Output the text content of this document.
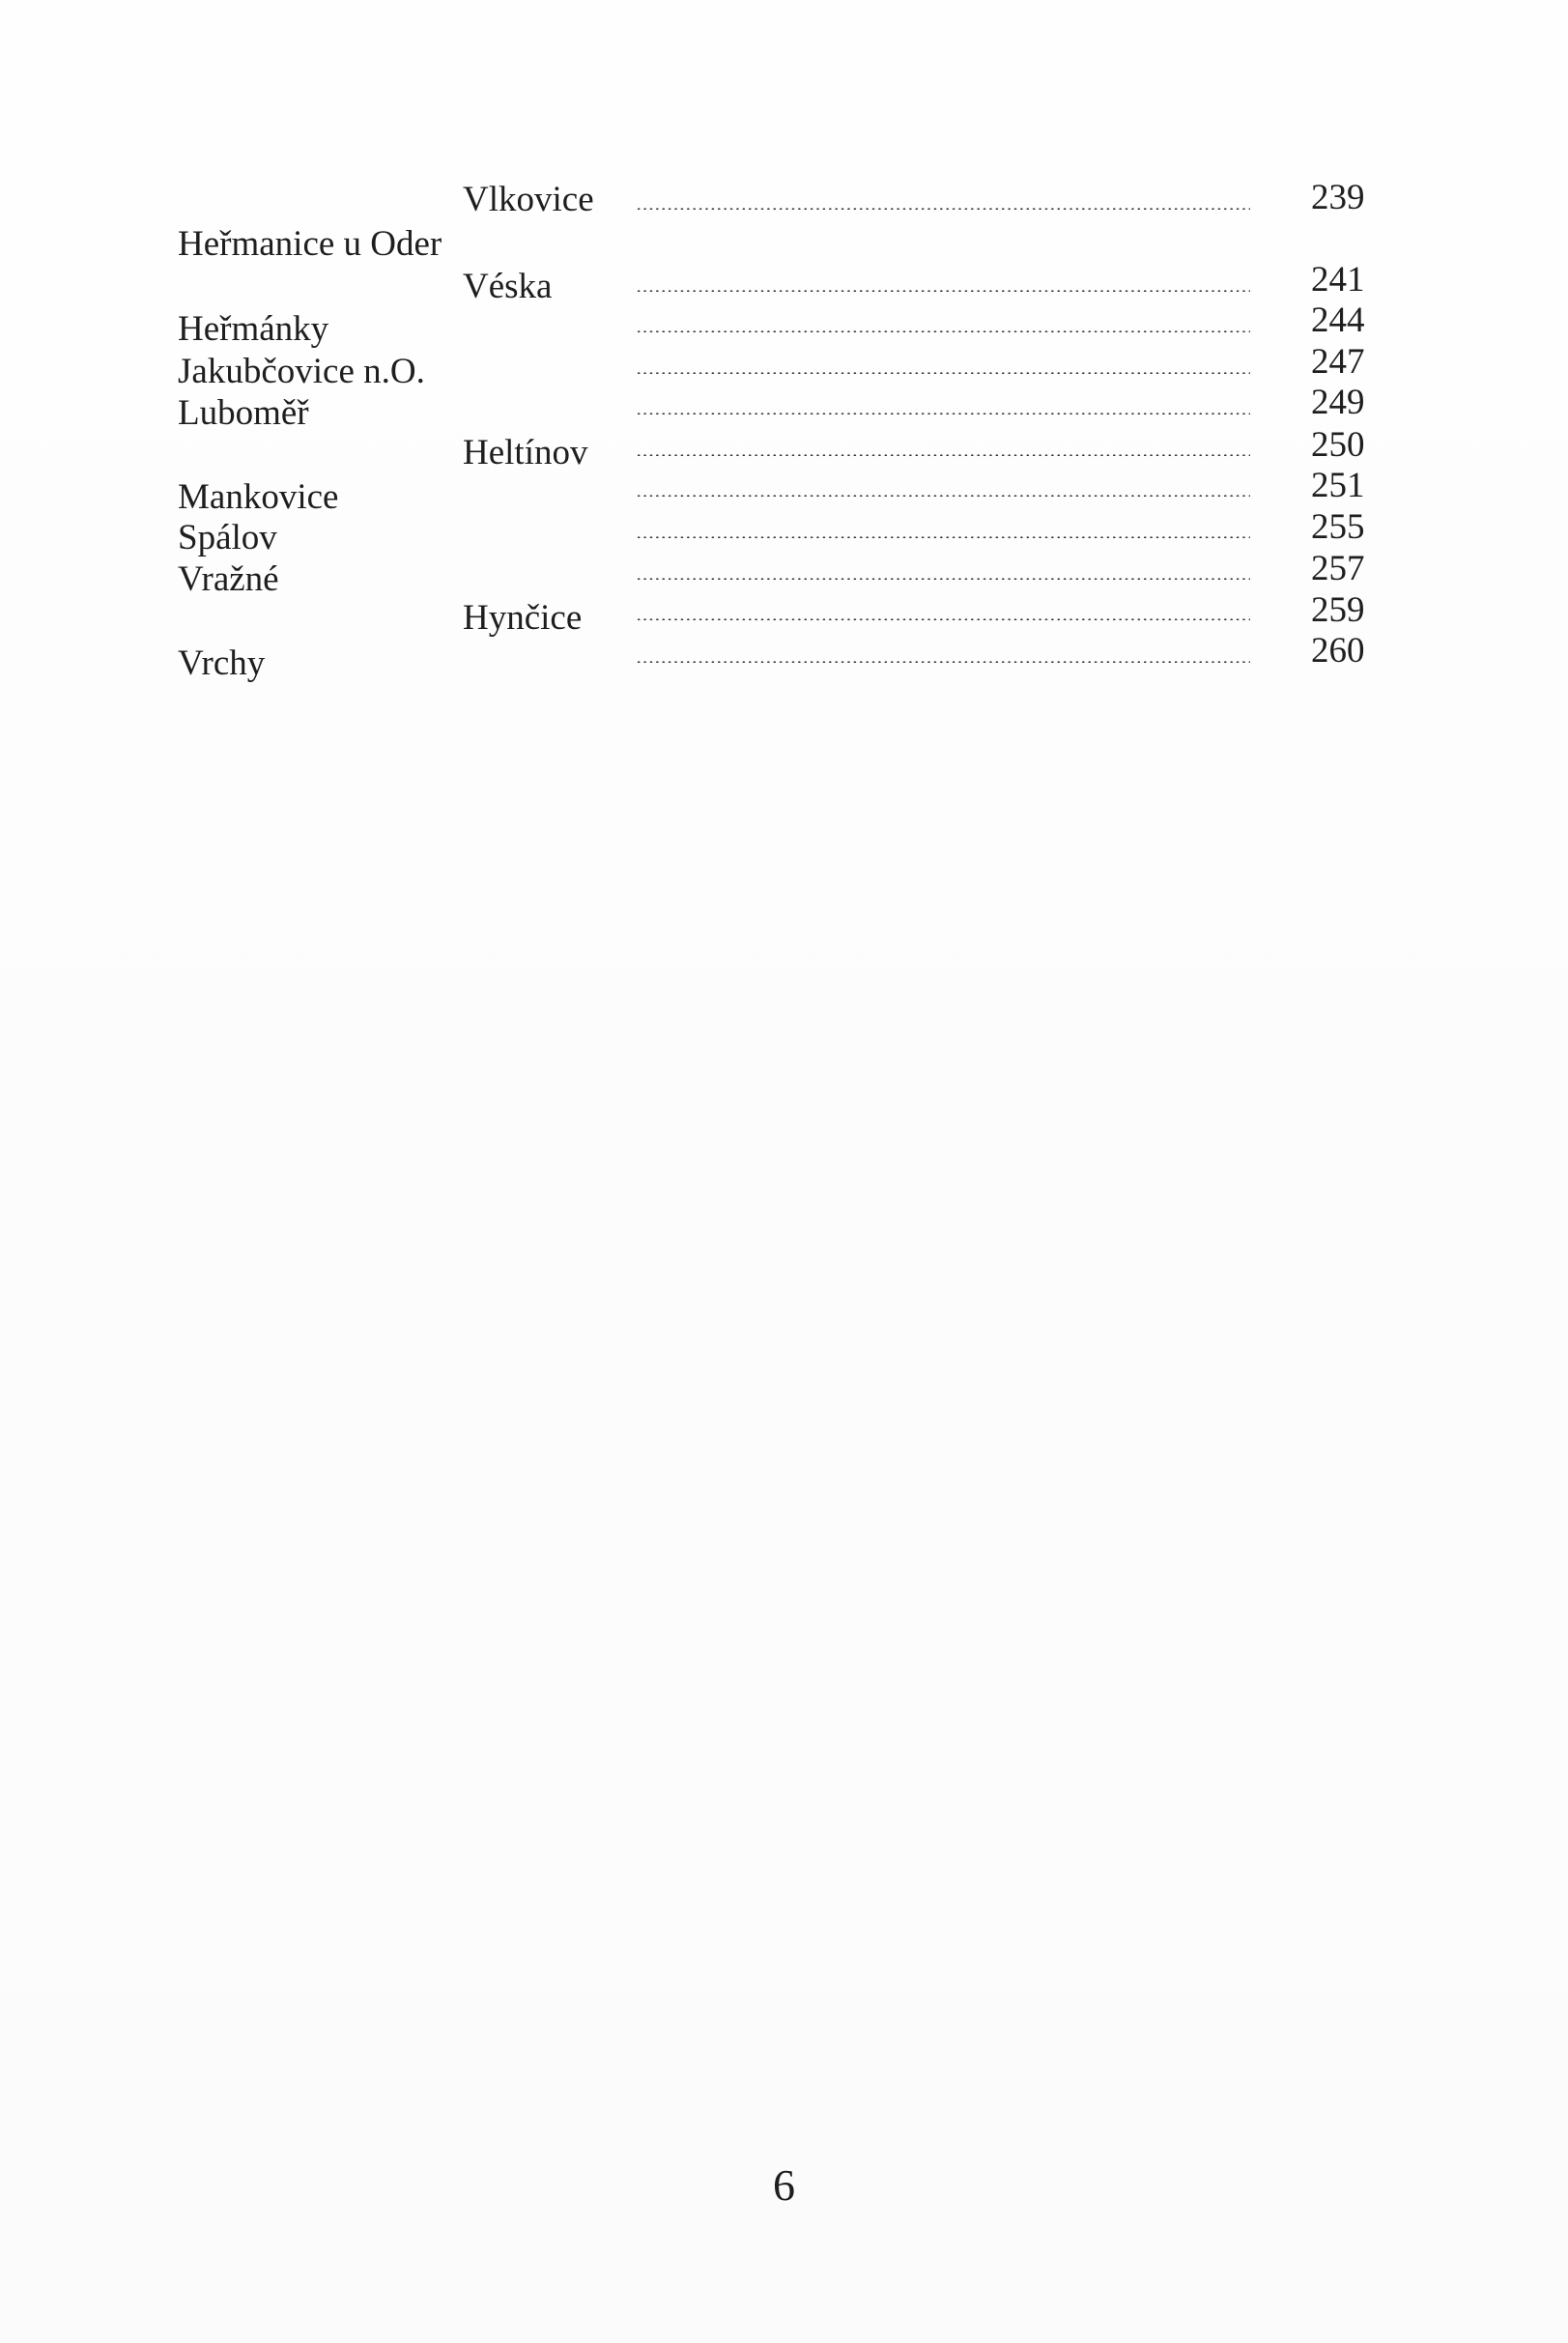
Vlkovice	239
Heřmanice u Oder
Véska	241
Heřmánky	244
Jakubčovice n.O.	247
Luboměř	249
Heltínov	250
Mankovice	251
Spálov	255
Vražné	257
Hynčice	259
Vrchy	260
6
